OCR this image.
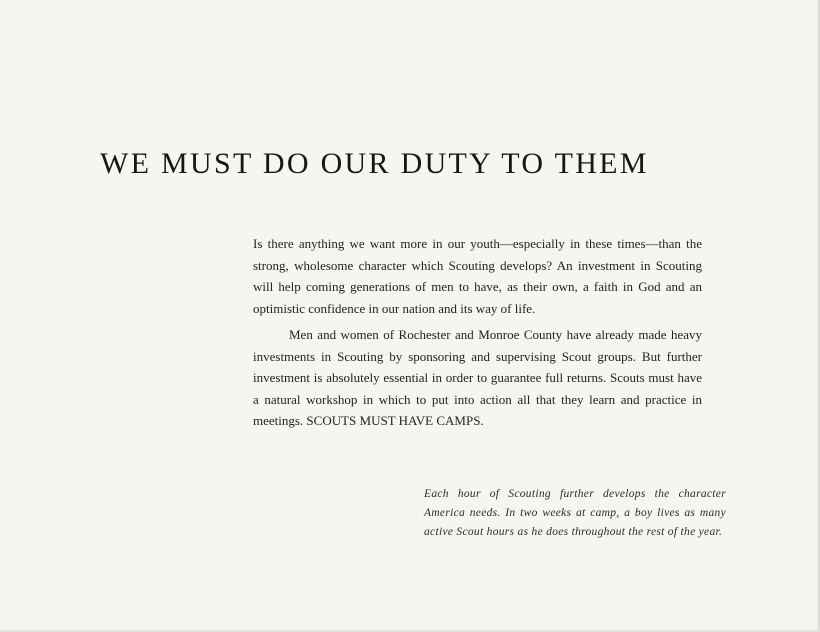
WE MUST DO OUR DUTY TO THEM

Is there anything we want more in our youth—especially in these times—than the strong, wholesome character which Scouting develops? An investment in Scouting will help coming generations of men to have, as their own, a faith in God and an optimistic confidence in our nation and its way of life.

Men and women of Rochester and Monroe County have already made heavy investments in Scouting by sponsoring and supervising Scout groups. But further investment is absolutely essential in order to guarantee full returns. Scouts must have a natural workshop in which to put into action all that they learn and practice in meetings. SCOUTS MUST HAVE CAMPS.

Each hour of Scouting further develops the character America needs. In two weeks at camp, a boy lives as many active Scout hours as he does throughout the rest of the year.
